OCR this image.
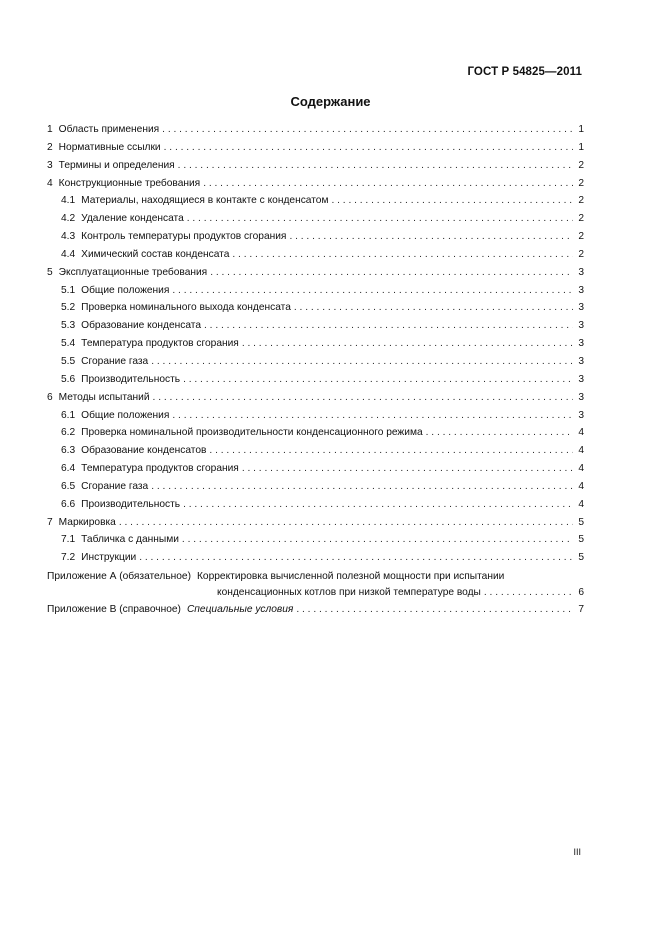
ГОСТ Р 54825—2011
Содержание
1 Область применения . . .	1
2 Нормативные ссылки . . .	1
3 Термины и определения . . .	2
4 Конструкционные требования . . .	2
4.1 Материалы, находящиеся в контакте с конденсатом . . .	2
4.2 Удаление конденсата . . .	2
4.3 Контроль температуры продуктов сгорания . . .	2
4.4 Химический состав конденсата . . .	2
5 Эксплуатационные требования . . .	3
5.1 Общие положения . . .	3
5.2 Проверка номинального выхода конденсата . . .	3
5.3 Образование конденсата . . .	3
5.4 Температура продуктов сгорания . . .	3
5.5 Сгорание газа . . .	3
5.6 Производительность . . .	3
6 Методы испытаний . . .	3
6.1 Общие положения . . .	3
6.2 Проверка номинальной производительности конденсационного режима . . .	4
6.3 Образование конденсатов . . .	4
6.4 Температура продуктов сгорания . . .	4
6.5 Сгорание газа . . .	4
6.6 Производительность . . .	4
7 Маркировка . . .	5
7.1 Табличка с данными . . .	5
7.2 Инструкции . . .	5
Приложение А (обязательное) Корректировка вычисленной полезной мощности при испытании
конденсационных котлов при низкой температуре воды . . .	6
Приложение В (справочное) Специальные условия . . .	7
III
